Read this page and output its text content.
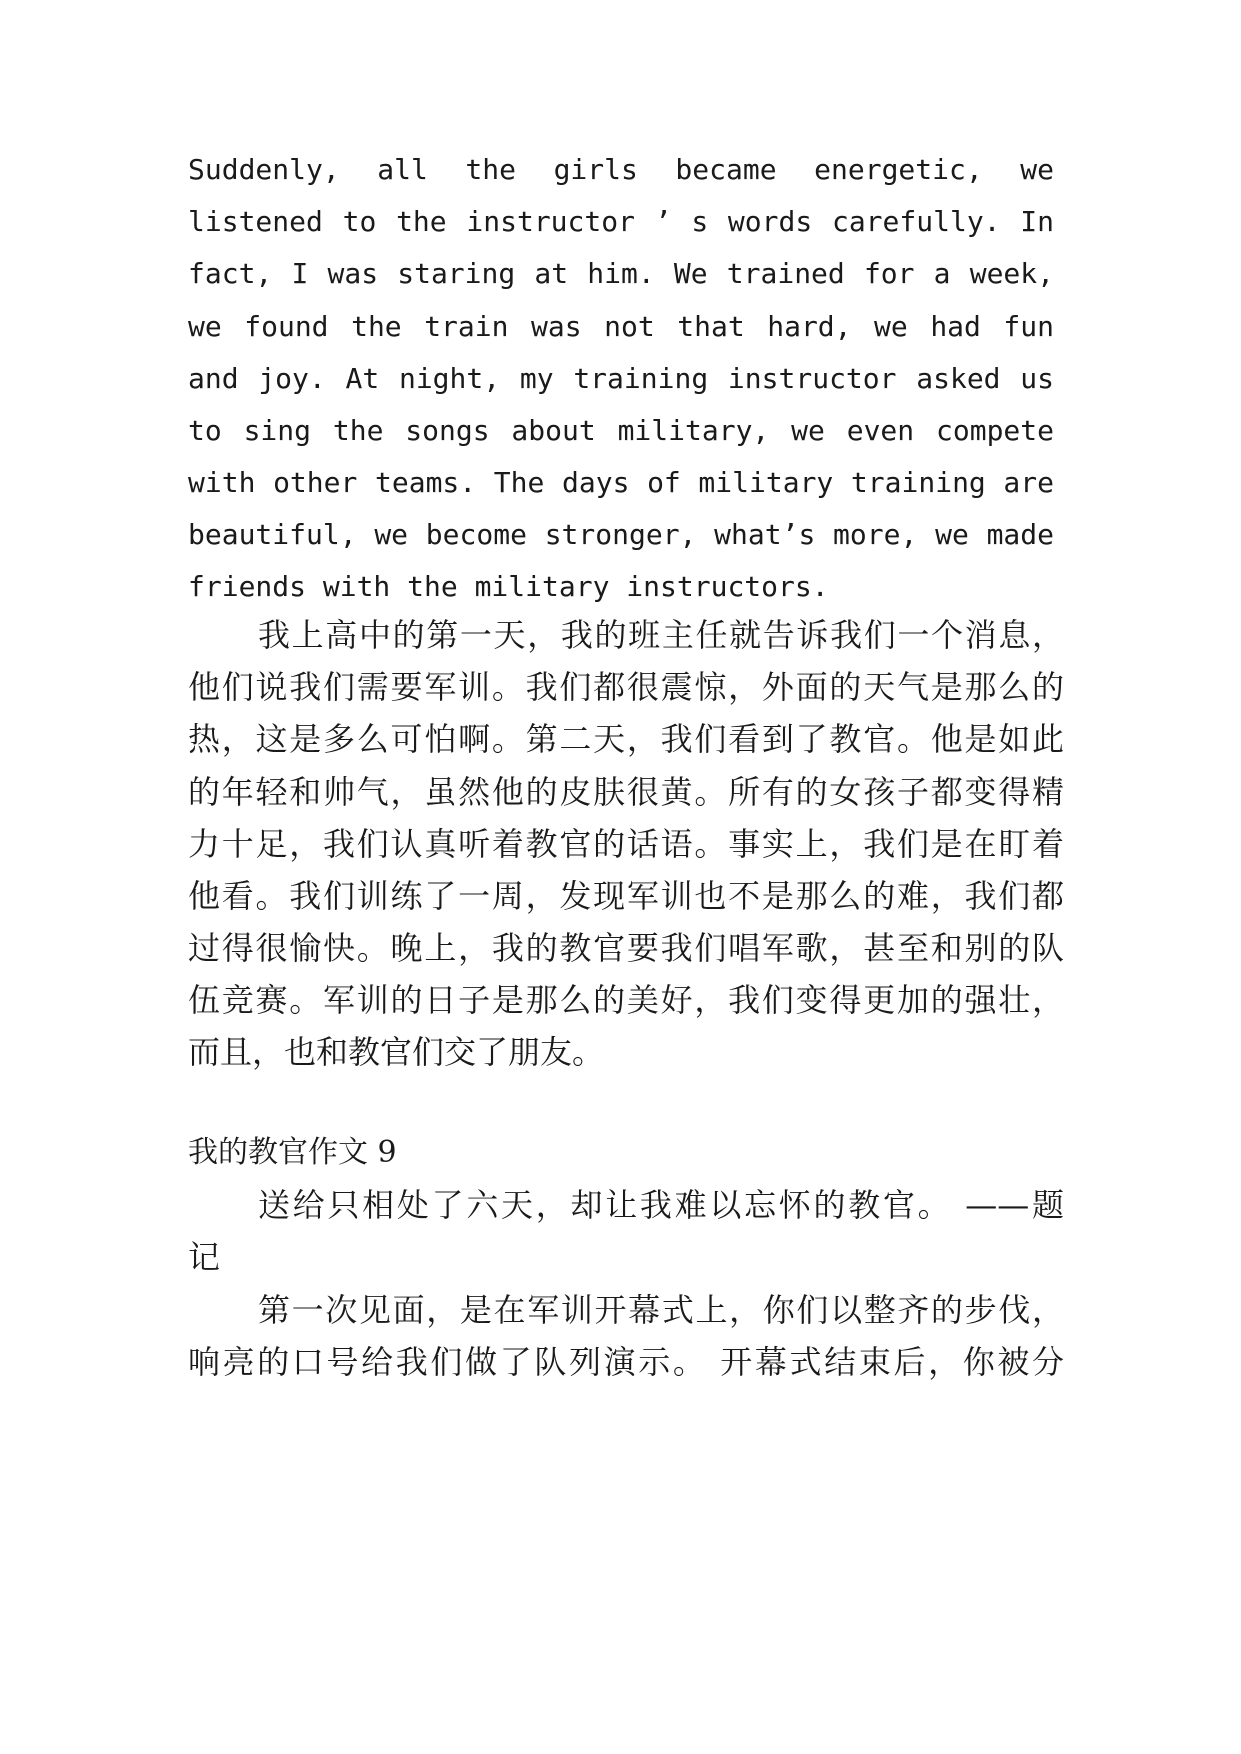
Suddenly, all the girls became energetic, we
listened to the instructor ’ s words carefully. In
fact, I was staring at him. We trained for a week,
we found the train was not that hard, we had fun
and joy. At night, my training instructor asked us
to sing the songs about military, we even compete
with other teams. The days of military training are
beautiful, we become stronger, what’s more, we made
friends with the military instructors.
我上高中的第一天，我的班主任就告诉我们一个消息，
他们说我们需要军训。我们都很震惊，外面的天气是那么的
热，这是多么可怕啊。第二天，我们看到了教官。他是如此
的年轻和帅气，虽然他的皮肤很黄。所有的女孩子都变得精
力十足，我们认真听着教官的话语。事实上，我们是在盯着
他看。我们训练了一周，发现军训也不是那么的难，我们都
过得很愉快。晚上，我的教官要我们唱军歌，甚至和别的队
伍竞赛。军训的日子是那么的美好，我们变得更加的强壮，
而且，也和教官们交了朋友。
我的教官作文 9
送给只相处了六天，却让我难以忘怀的教官。 ——题
记
第一次见面，是在军训开幕式上，你们以整齐的步伐，
响亮的口号给我们做了队列演示。 开幕式结束后，你被分
